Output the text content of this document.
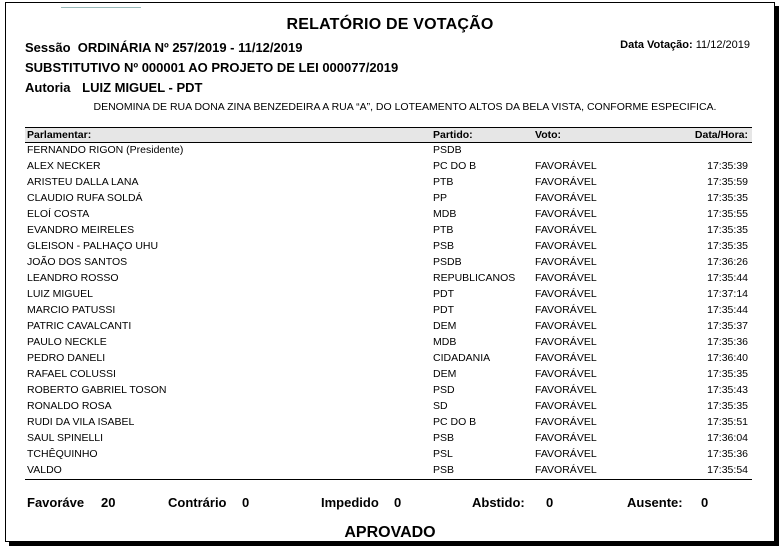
RELATÓRIO DE VOTAÇÃO
Sessão ORDINÁRIA Nº 257/2019 - 11/12/2019	Data Votação: 11/12/2019
SUBSTITUTIVO Nº 000001 AO PROJETO DE LEI 000077/2019
Autoria LUIZ MIGUEL - PDT
DENOMINA DE RUA DONA ZINA BENZEDEIRA A RUA “A”, DO LOTEAMENTO ALTOS DA BELA VISTA, CONFORME ESPECIFICA.
Parlamentar:	Partido:	Voto:	Data/Hora:
FERNANDO RIGON (Presidente)	PSDB
ALEX NECKER	PC DO B	FAVORÁVEL	17:35:39
ARISTEU DALLA LANA	PTB	FAVORÁVEL	17:35:59
CLAUDIO RUFA SOLDÁ	PP	FAVORÁVEL	17:35:35
ELOÍ COSTA	MDB	FAVORÁVEL	17:35:55
EVANDRO MEIRELES	PTB	FAVORÁVEL	17:35:35
GLEISON - PALHAÇO UHU	PSB	FAVORÁVEL	17:35:35
JOÃO DOS SANTOS	PSDB	FAVORÁVEL	17:36:26
LEANDRO ROSSO	REPUBLICANOS FAVORÁVEL	17:35:44
LUIZ MIGUEL	PDT	FAVORÁVEL	17:37:14
MARCIO PATUSSI	PDT	FAVORÁVEL	17:35:44
PATRIC CAVALCANTI	DEM	FAVORÁVEL	17:35:37
PAULO NECKLE	MDB	FAVORÁVEL	17:35:36
PEDRO DANELI	CIDADANIA	FAVORÁVEL	17:36:40
RAFAEL COLUSSI	DEM	FAVORÁVEL	17:35:35
ROBERTO GABRIEL TOSON	PSD	FAVORÁVEL	17:35:43
RONALDO ROSA	SD	FAVORÁVEL	17:35:35
RUDI DA VILA ISABEL	PC DO B	FAVORÁVEL	17:35:51
SAUL SPINELLI	PSB	FAVORÁVEL	17:36:04
TCHÊQUINHO	PSL	FAVORÁVEL	17:35:36
VALDO	PSB	FAVORÁVEL	17:35:54
Favoráve 20	Contrário 0	Impedido 0	Abstido: 0	Ausente: 0
APROVADO
